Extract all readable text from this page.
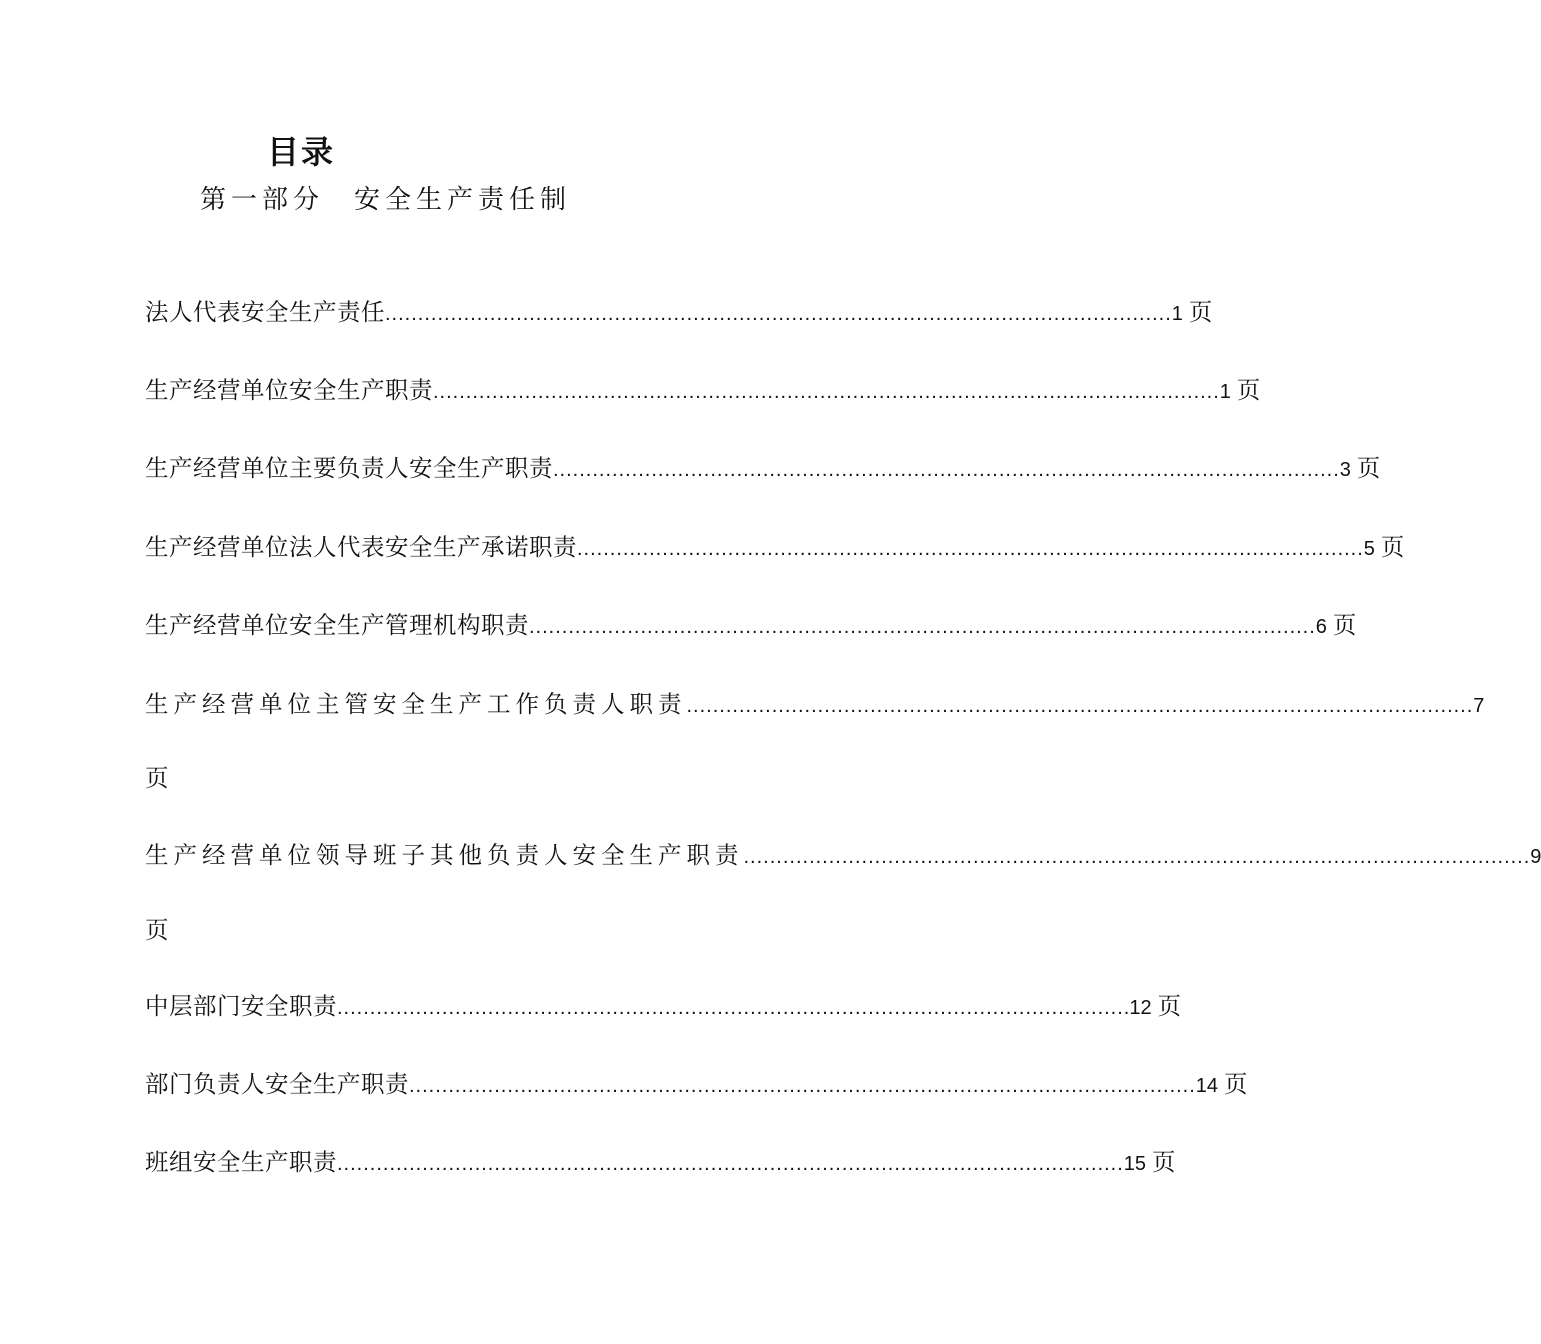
目录
第一部分 安全生产责任制
法人代表安全生产责任 ........................................................................................................................ 1 页
生产经营单位安全生产职责 ........................................................................................................................ 1 页
生产经营单位主要负责人安全生产职责 ........................................................................................................................ 3 页
生产经营单位法人代表安全生产承诺职责 ........................................................................................................................ 5 页
生产经营单位安全生产管理机构职责 ........................................................................................................................ 6 页
生产经营单位主管安全生产工作负责人职责 ........................................................................................................................ 7
页
生产经营单位领导班子其他负责人安全生产职责 ........................................................................................................................ 9
页
中层部门安全职责 ........................................................................................................................ .12 页
部门负责人安全生产职责 ........................................................................................................................ 14 页
班组安全生产职责 ........................................................................................................................ 15 页
